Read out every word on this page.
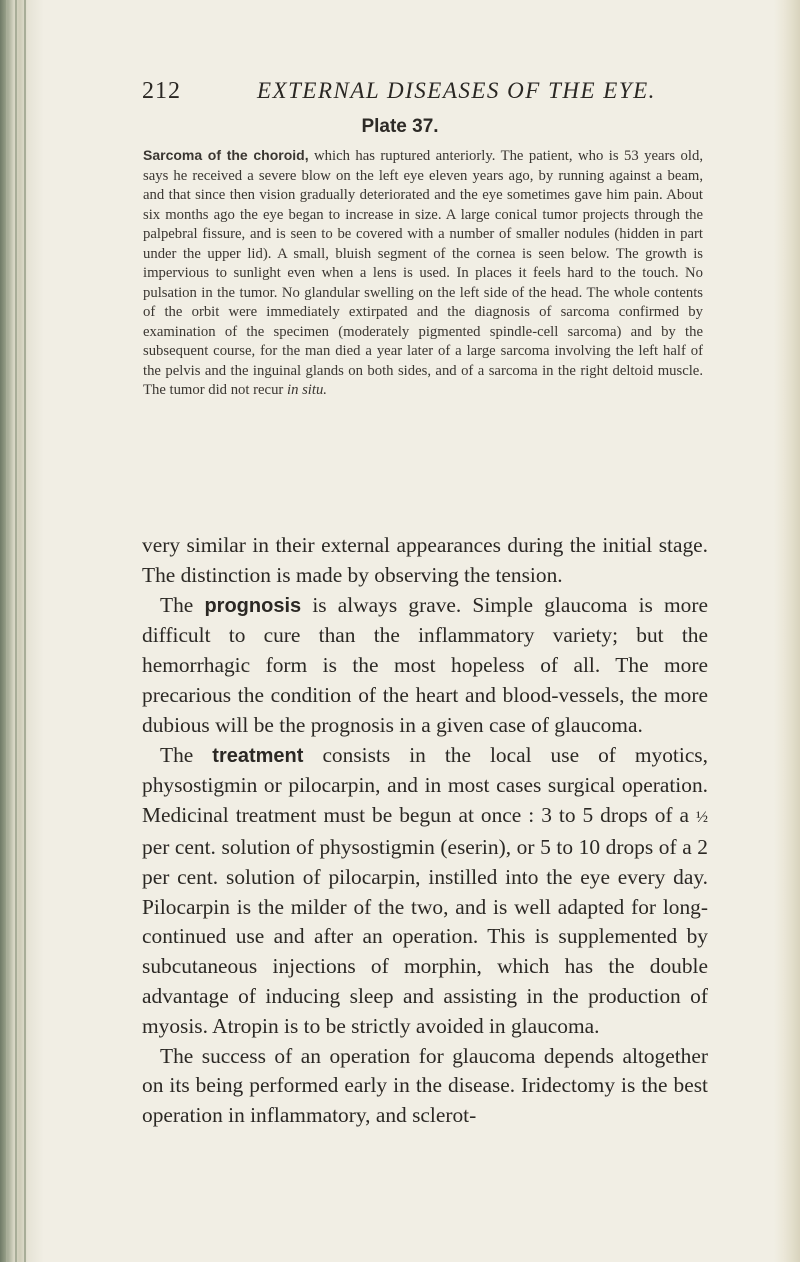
212	EXTERNAL DISEASES OF THE EYE.
Plate 37.
Sarcoma of the choroid, which has ruptured anteriorly. The patient, who is 53 years old, says he received a severe blow on the left eye eleven years ago, by running against a beam, and that since then vision gradually deteriorated and the eye sometimes gave him pain. About six months ago the eye began to increase in size. A large conical tumor projects through the palpebral fissure, and is seen to be covered with a number of smaller nodules (hidden in part under the upper lid). A small, bluish segment of the cornea is seen below. The growth is impervious to sunlight even when a lens is used. In places it feels hard to the touch. No pulsation in the tumor. No glandular swelling on the left side of the head. The whole contents of the orbit were immediately extirpated and the diagnosis of sarcoma confirmed by examination of the specimen (moderately pigmented spindle-cell sarcoma) and by the subsequent course, for the man died a year later of a large sarcoma involving the left half of the pelvis and the inguinal glands on both sides, and of a sarcoma in the right deltoid muscle. The tumor did not recur in situ.

very similar in their external appearances during the initial stage. The distinction is made by observing the tension.

The prognosis is always grave. Simple glaucoma is more difficult to cure than the inflammatory variety; but the hemorrhagic form is the most hopeless of all. The more precarious the condition of the heart and blood-vessels, the more dubious will be the prognosis in a given case of glaucoma.

The treatment consists in the local use of myotics, physostigmin or pilocarpin, and in most cases surgical operation. Medicinal treatment must be begun at once : 3 to 5 drops of a ½ per cent. solution of physostigmin (eserin), or 5 to 10 drops of a 2 per cent. solution of pilocarpin, instilled into the eye every day. Pilocarpin is the milder of the two, and is well adapted for long-continued use and after an operation. This is supplemented by subcutaneous injections of morphin, which has the double advantage of inducing sleep and assisting in the production of myosis. Atropin is to be strictly avoided in glaucoma.

The success of an operation for glaucoma depends altogether on its being performed early in the disease. Iridectomy is the best operation in inflammatory, and sclerot-
